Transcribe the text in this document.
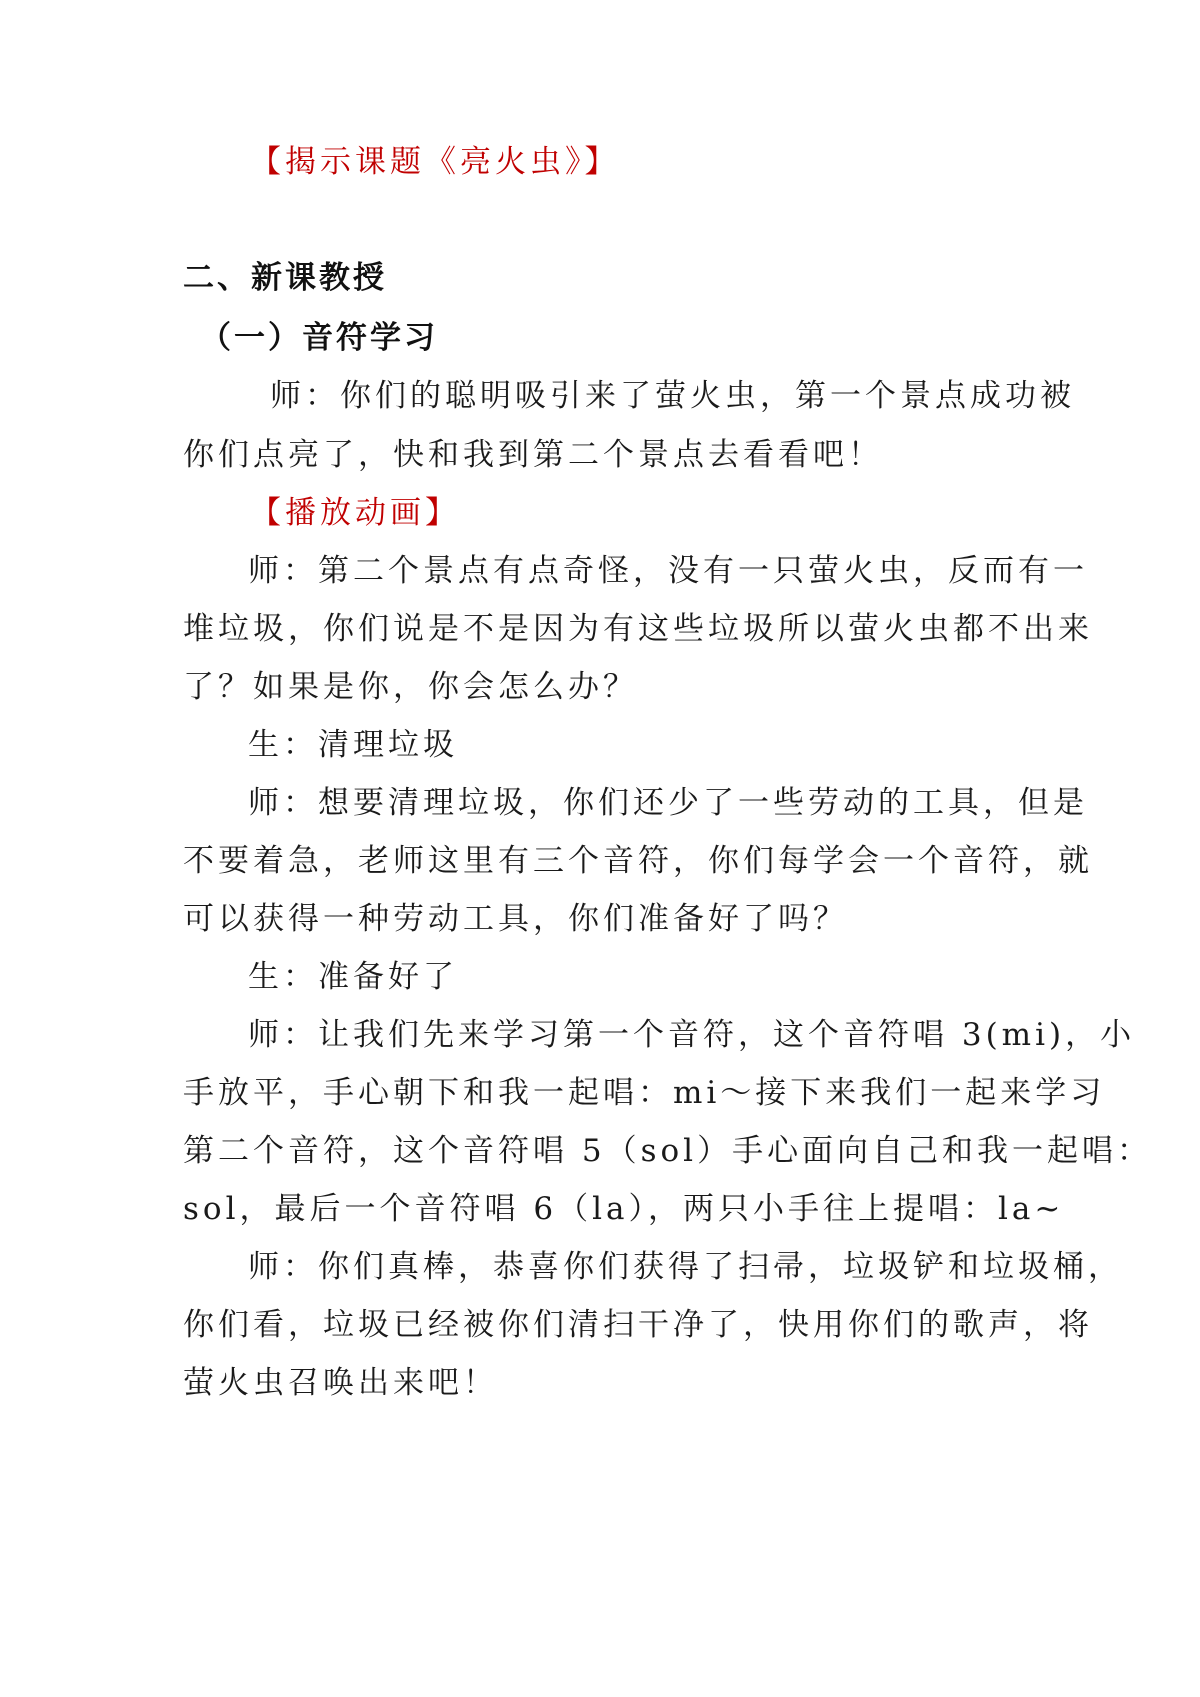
【揭示课题《亮火虫》】

二、新课教授

（一）音符学习

师：你们的聪明吸引来了萤火虫，第一个景点成功被

你们点亮了，快和我到第二个景点去看看吧！

【播放动画】

师：第二个景点有点奇怪，没有一只萤火虫，反而有一

堆垃圾，你们说是不是因为有这些垃圾所以萤火虫都不出来

了？如果是你，你会怎么办？

生：清理垃圾

师：想要清理垃圾，你们还少了一些劳动的工具，但是

不要着急，老师这里有三个音符，你们每学会一个音符，就

可以获得一种劳动工具，你们准备好了吗？

生：准备好了

师：让我们先来学习第一个音符，这个音符唱 3(mi)，小

手放平，手心朝下和我一起唱：mi～接下来我们一起来学习

第二个音符，这个音符唱 5（sol）手心面向自己和我一起唱：

sol，最后一个音符唱 6（la），两只小手往上提唱：la~

师：你们真棒，恭喜你们获得了扫帚，垃圾铲和垃圾桶，

你们看，垃圾已经被你们清扫干净了，快用你们的歌声，将

萤火虫召唤出来吧！
